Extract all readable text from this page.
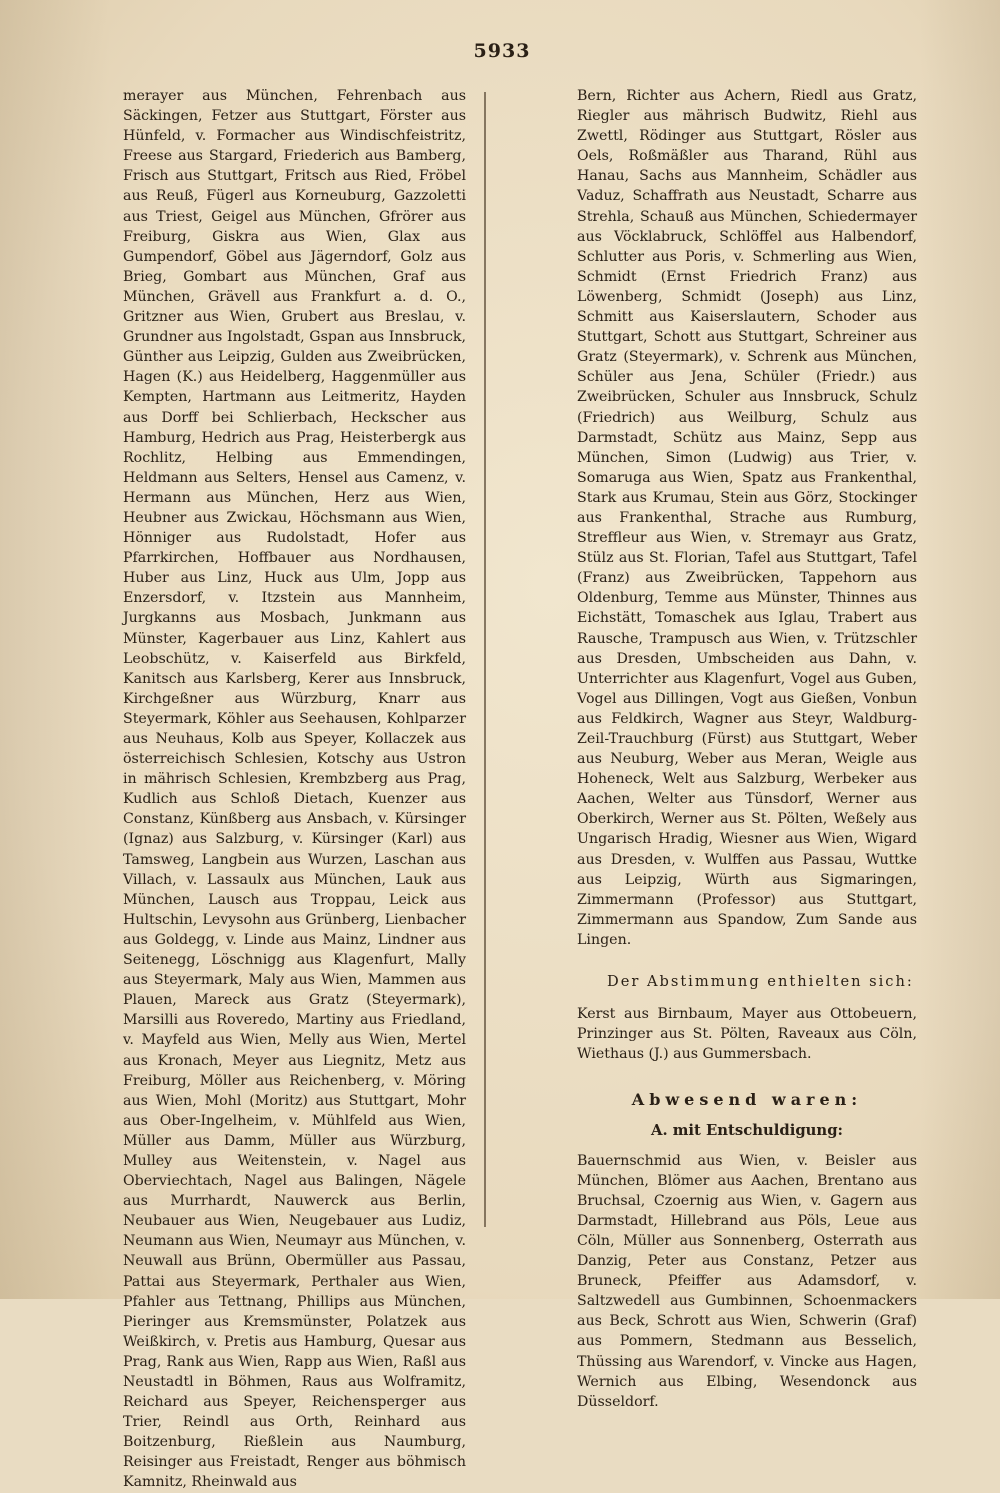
5933

merayer aus München, Fehrenbach aus Säckingen, Fetzer aus Stuttgart, Förster aus Hünfeld, v. Formacher aus Windischfeistritz, Freese aus Stargard, Friederich aus Bamberg, Frisch aus Stuttgart, Fritsch aus Ried, Fröbel aus Reuß, Fügerl aus Korneuburg, Gazzoletti aus Triest, Geigel aus München, Gfrörer aus Freiburg, Giskra aus Wien, Glax aus Gumpendorf, Göbel aus Jägerndorf, Golz aus Brieg, Gombart aus München, Graf aus München, Grävell aus Frankfurt a. d. O., Gritzner aus Wien, Grubert aus Breslau, v. Grundner aus Ingolstadt, Gspan aus Innsbruck, Günther aus Leipzig, Gulden aus Zweibrücken, Hagen (K.) aus Heidelberg, Haggenmüller aus Kempten, Hartmann aus Leitmeritz, Hayden aus Dorff bei Schlierbach, Heckscher aus Hamburg, Hedrich aus Prag, Heisterbergk aus Rochlitz, Helbing aus Emmendingen, Heldmann aus Selters, Hensel aus Camenz, v. Hermann aus München, Herz aus Wien, Heubner aus Zwickau, Höchsmann aus Wien, Hönniger aus Rudolstadt, Hofer aus Pfarrkirchen, Hoffbauer aus Nordhausen, Huber aus Linz, Huck aus Ulm, Jopp aus Enzersdorf, v. Itzstein aus Mannheim, Jurgkanns aus Mosbach, Junkmann aus Münster, Kagerbauer aus Linz, Kahlert aus Leobschütz, v. Kaiserfeld aus Birkfeld, Kanitsch aus Karlsberg, Kerer aus Innsbruck, Kirchgeßner aus Würzburg, Knarr aus Steyermark, Köhler aus Seehausen, Kohlparzer aus Neuhaus, Kolb aus Speyer, Kollaczek aus österreichisch Schlesien, Kotschy aus Ustron in mährisch Schlesien, Krembzberg aus Prag, Kudlich aus Schloß Dietach, Kuenzer aus Constanz, Künßberg aus Ansbach, v. Kürsinger (Ignaz) aus Salzburg, v. Kürsinger (Karl) aus Tamsweg, Langbein aus Wurzen, Laschan aus Villach, v. Lassaulx aus München, Lauk aus München, Lausch aus Troppau, Leick aus Hultschin, Levysohn aus Grünberg, Lienbacher aus Goldegg, v. Linde aus Mainz, Lindner aus Seitenegg, Löschnigg aus Klagenfurt, Mally aus Steyermark, Maly aus Wien, Mammen aus Plauen, Mareck aus Gratz (Steyermark), Marsilli aus Roveredo, Martiny aus Friedland, v. Mayfeld aus Wien, Melly aus Wien, Mertel aus Kronach, Meyer aus Liegnitz, Metz aus Freiburg, Möller aus Reichenberg, v. Möring aus Wien, Mohl (Moritz) aus Stuttgart, Mohr aus Ober-Ingelheim, v. Mühlfeld aus Wien, Müller aus Damm, Müller aus Würzburg, Mulley aus Weitenstein, v. Nagel aus Oberviechtach, Nagel aus Balingen, Nägele aus Murrhardt, Nauwerck aus Berlin, Neubauer aus Wien, Neugebauer aus Ludiz, Neumann aus Wien, Neumayr aus München, v. Neuwall aus Brünn, Obermüller aus Passau, Pattai aus Steyermark, Perthaler aus Wien, Pfahler aus Tettnang, Phillips aus München, Pieringer aus Kremsmünster, Polatzek aus Weißkirch, v. Pretis aus Hamburg, Quesar aus Prag, Rank aus Wien, Rapp aus Wien, Raßl aus Neustadtl in Böhmen, Raus aus Wolframitz, Reichard aus Speyer, Reichensperger aus Trier, Reindl aus Orth, Reinhard aus Boitzenburg, Rießlein aus Naumburg, Reisinger aus Freistadt, Renger aus böhmisch Kamnitz, Rheinwald aus

Bern, Richter aus Achern, Riedl aus Gratz, Riegler aus mährisch Budwitz, Riehl aus Zwettl, Rödinger aus Stuttgart, Rösler aus Oels, Roßmäßler aus Tharand, Rühl aus Hanau, Sachs aus Mannheim, Schädler aus Vaduz, Schaffrath aus Neustadt, Scharre aus Strehla, Schauß aus München, Schiedermayer aus Vöcklabruck, Schlöffel aus Halbendorf, Schlutter aus Poris, v. Schmerling aus Wien, Schmidt (Ernst Friedrich Franz) aus Löwenberg, Schmidt (Joseph) aus Linz, Schmitt aus Kaiserslautern, Schoder aus Stuttgart, Schott aus Stuttgart, Schreiner aus Gratz (Steyermark), v. Schrenk aus München, Schüler aus Jena, Schüler (Friedr.) aus Zweibrücken, Schuler aus Innsbruck, Schulz (Friedrich) aus Weilburg, Schulz aus Darmstadt, Schütz aus Mainz, Sepp aus München, Simon (Ludwig) aus Trier, v. Somaruga aus Wien, Spatz aus Frankenthal, Stark aus Krumau, Stein aus Görz, Stockinger aus Frankenthal, Strache aus Rumburg, Streffleur aus Wien, v. Stremayr aus Gratz, Stülz aus St. Florian, Tafel aus Stuttgart, Tafel (Franz) aus Zweibrücken, Tappehorn aus Oldenburg, Temme aus Münster, Thinnes aus Eichstätt, Tomaschek aus Iglau, Trabert aus Rausche, Trampusch aus Wien, v. Trützschler aus Dresden, Umbscheiden aus Dahn, v. Unterrichter aus Klagenfurt, Vogel aus Guben, Vogel aus Dillingen, Vogt aus Gießen, Vonbun aus Feldkirch, Wagner aus Steyr, Waldburg-Zeil-Trauchburg (Fürst) aus Stuttgart, Weber aus Neuburg, Weber aus Meran, Weigle aus Hoheneck, Welt aus Salzburg, Werbeker aus Aachen, Welter aus Tünsdorf, Werner aus Oberkirch, Werner aus St. Pölten, Weßely aus Ungarisch Hradig, Wiesner aus Wien, Wigard aus Dresden, v. Wulffen aus Passau, Wuttke aus Leipzig, Würth aus Sigmaringen, Zimmermann (Professor) aus Stuttgart, Zimmermann aus Spandow, Zum Sande aus Lingen.

Der Abstimmung enthielten sich:

Kerst aus Birnbaum, Mayer aus Ottobeuern, Prinzinger aus St. Pölten, Raveaux aus Cöln, Wiethaus (J.) aus Gummersbach.

Abwesend waren:
A. mit Entschuldigung:

Bauernschmid aus Wien, v. Beisler aus München, Blömer aus Aachen, Brentano aus Bruchsal, Czoernig aus Wien, v. Gagern aus Darmstadt, Hillebrand aus Pöls, Leue aus Cöln, Müller aus Sonnenberg, Osterrath aus Danzig, Peter aus Constanz, Petzer aus Bruneck, Pfeiffer aus Adamsdorf, v. Saltzwedell aus Gumbinnen, Schoenmackers aus Beck, Schrott aus Wien, Schwerin (Graf) aus Pommern, Stedmann aus Besselich, Thüssing aus Warendorf, v. Vincke aus Hagen, Wernich aus Elbing, Wesendonck aus Düsseldorf.
